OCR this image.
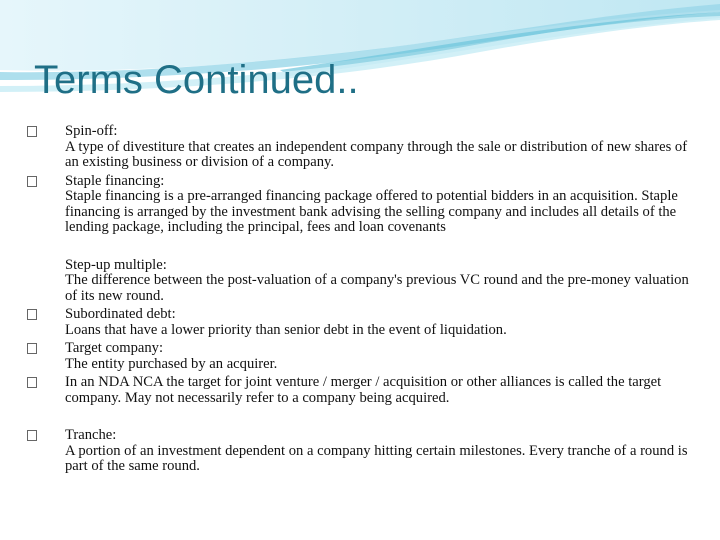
Terms Continued..
Spin-off:
A type of divestiture that creates an independent company through the sale or distribution of new shares of an existing business or division of a company.
Staple financing:
Staple financing is a pre-arranged financing package offered to potential bidders in an acquisition. Staple financing is arranged by the investment bank advising the selling company and includes all details of the lending package, including the principal, fees and loan covenants
Step-up multiple:
The difference between the post-valuation of a company's previous VC round and the pre-money valuation of its new round.
Subordinated debt:
Loans that have a lower priority than senior debt in the event of liquidation.
Target company:
The entity purchased by an acquirer.
In an NDA NCA the target for joint venture / merger / acquisition or other alliances is called the target company. May not necessarily refer to a company being acquired.
Tranche:
A portion of an investment dependent on a company hitting certain milestones. Every tranche of a round is part of the same round.
